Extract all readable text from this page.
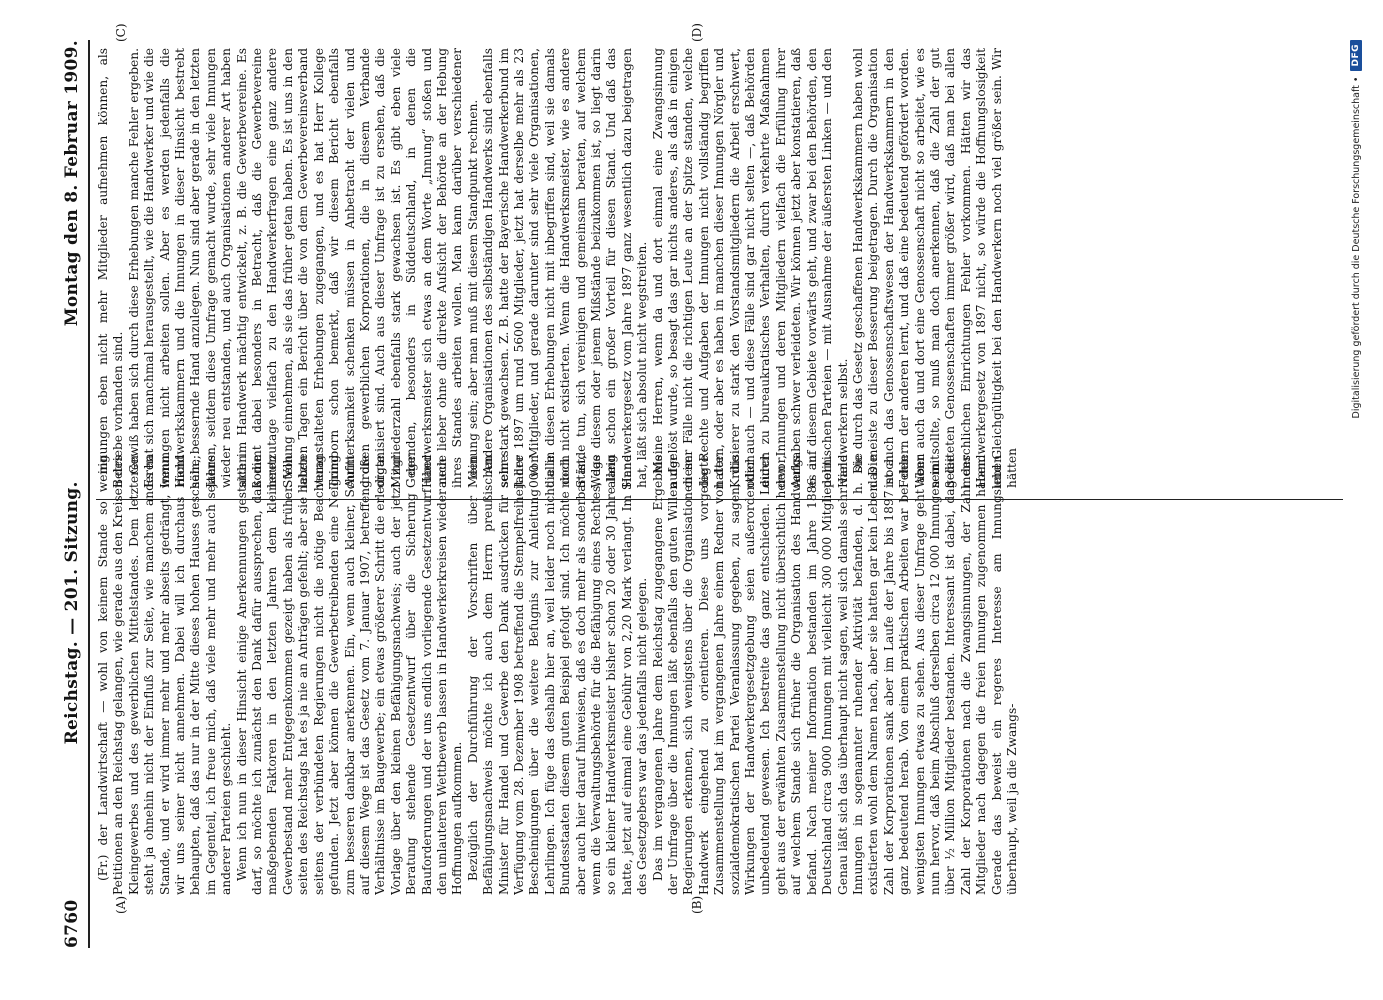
6760
Reichstag. — 201. Sitzung.
Montag den 8. Februar 1909.
(A)	(B)
(C)	(D)

(Fr.) der Landwirtschaft — wohl von keinem Stande so wenig Petitionen an den Reichstag gelangen, wie gerade aus den Kreisen des Kleingewerbes und des gewerblichen Mittelstandes. Dem letzteren steht ja ohnehin nicht der Einfluß zur Seite, wie manchem anderen Stande, und er wird immer mehr und mehr abseits gedrängt, wenn wir uns seiner nicht annehmen. Dabei will ich durchaus nicht behaupten, daß das nur in der Mitte dieses hohen Hauses geschähe; im Gegenteil, ich freue mich, daß viele mehr und mehr auch seitens anderer Parteien geschieht. Wenn ich nun in dieser Hinsicht einige Anerkennungen gestatten darf, so möchte ich zunächst den Dank dafür aussprechen, daß die maßgebenden Faktoren in den letzten Jahren dem kleineren Gewerbestand mehr Entgegenkommen gezeigt haben als früher. Von seiten des Reichstags hat es ja nie an Anträgen gefehlt; aber sie haben seitens der verbündeten Regierungen nicht die nötige Beachtung gefunden. Jetzt aber können die Gewerbetreibenden eine Neigung zum besseren dankbar anerkennen. Ein, wenn auch kleiner, Schritt auf diesem Wege ist das Gesetz vom 7. Januar 1907, betreffend die Verhältnisse im Baugewerbe; ein etwas größerer Schritt die erledigte Vorlage über den kleinen Befähigungsnachweis; auch der jetzt zur Beratung stehende Gesetzentwurf über die Sicherung der Bauforderungen und der uns endlich vorliegende Gesetzentwurf über den unlauteren Wettbewerb lassen in Handwerkerkreisen wieder neue Hoffnungen aufkommen. Bezüglich der Durchführung der Vorschriften über den Befähigungsnachweis möchte ich auch dem Herrn preußischen Minister für Handel und Gewerbe den Dank ausdrücken für seine Verfügung vom 28. Dezember 1908 betreffend die Stempelfreiheit der Bescheinigungen über die weitere Befugnis zur Anleitung von Lehrlingen. Ich füge das deshalb hier an, weil leider noch nicht alle Bundesstaaten diesem guten Beispiel gefolgt sind. Ich möchte doch aber auch hier darauf hinweisen, daß es doch mehr als sonderbar ist, wenn die Verwaltungsbehörde für die Befähigung eines Rechtes, das so ein kleiner Handwerksmeister bisher schon 20 oder 30 Jahre lang hatte, jetzt auf einmal eine Gebühr von 2,20 Mark verlangt. Im Sinne des Gesetzgebers war das jedenfalls nicht gelegen. Das im vergangenen Jahre dem Reichstag zugegangene Ergebnis der Umfrage über die Innungen läßt ebenfalls den guten Willen der Regierungen erkennen, sich wenigstens über die Organisationen im Handwerk eingehend zu orientieren. Diese uns vorgelegte Zusammenstellung hat im vergangenen Jahre einem Redner von der sozialdemokratischen Partei Veranlassung gegeben, zu sagen, die Wirkungen der Handwerkergesetzgebung seien außerordentlich unbedeutend gewesen. Ich bestreite das ganz entschieden. Leider geht aus der erwähnten Zusammenstellung nicht übersichtlich hervor, auf welchem Stande sich früher die Organisation des Handwerks befand. Nach meiner Information bestanden im Jahre 1886 in Deutschland circa 9000 Innungen mit vielleicht 300 000 Mitgliedern. Genau läßt sich das überhaupt nicht sagen, weil sich damals sehr viele Innungen in sogenannter ruhender Aktivität befanden, d. h. sie existierten wohl dem Namen nach, aber sie hatten gar kein Leben. Die Zahl der Korporationen sank aber im Laufe der Jahre bis 1897 noch ganz bedeutend herab. Von einem praktischen Arbeiten war bei den wenigsten Innungen etwas zu sehen. Aus dieser Umfrage geht aber nun hervor, daß beim Abschluß derselben circa 12 000 Innungen mit über ½ Million Mitglieder bestanden. Interessant ist dabei, daß die Zahl der Korporationen nach die Zwangsinnungen, der Zahl der Mitglieder nach dagegen die freien Innungen zugenommen haben. Gerade das beweist ein regeres Interesse am Innungsleben überhaupt, weil ja die Zwangs-

innungen eben nicht mehr Mitglieder aufnehmen können, als Betriebe vorhanden sind. Gewiß haben sich durch diese Erhebungen manche Fehler ergeben. Es hat sich manchmal herausgestellt, wie die Handwerker und wie die Innungen nicht arbeiten sollen. Aber es werden jedenfalls die Handwerkskammern und die Innungen in dieser Hinsicht bestrebt sein, bessernde Hand anzulegen. Nun sind aber gerade in den letzten Jahren, seitdem diese Umfrage gemacht wurde, sehr viele Innungen wieder neu entstanden, und auch Organisationen anderer Art haben sich im Handwerk mächtig entwickelt, z. B. die Gewerbevereine. Es kommt dabei besonders in Betracht, daß die Gewerbevereine heutzutage vielfach zu den Handwerkerfragen eine ganz andere Stellung einnehmen, als sie das früher getan haben. Es ist uns in den letzten Tagen ein Bericht über die von dem Gewerbevereinsverband veranstalteten Erhebungen zugegangen, und es hat Herr Kollege Trimborn schon bemerkt, daß wir diesem Bericht ebenfalls Aufmerksamkeit schenken müssen in Anbetracht der vielen und großen gewerblichen Korporationen, die in diesem Verbande organisiert sind. Auch aus dieser Umfrage ist zu ersehen, daß die Mitgliederzahl ebenfalls stark gewachsen ist. Es gibt eben viele Gegenden, besonders in Süddeutschland, in denen die Handwerksmeister sich etwas an dem Worte „Innung“ stoßen und auch lieber ohne die direkte Aufsicht der Behörde an der Hebung ihres Standes arbeiten wollen. Man kann darüber verschiedener Meinung sein; aber man muß mit diesem Standpunkt rechnen. Andere Organisationen des selbständigen Handwerks sind ebenfalls sehr stark gewachsen. Z. B. hatte der Bayerische Handwerkerbund im Jahre 1897 um rund 5600 Mitglieder, jetzt hat derselbe mehr als 23 000 Mitglieder, und gerade darunter sind sehr viele Organisationen, die in diesen Erhebungen nicht mit inbegriffen sind, weil sie damals noch nicht existierten. Wenn die Handwerksmeister, wie es andere Stände tun, sich vereinigen und gemeinsam beraten, auf welchem Wege diesem oder jenem Mißstände beizukommen ist, so liegt darin allein schon ein großer Vorteil für diesen Stand. Und daß das Handwerkergesetz vom Jahre 1897 ganz wesentlich dazu beigetragen hat, läßt sich absolut nicht wegstreiten. Meine Herren, wenn da und dort einmal eine Zwangsinnung aufgelöst wurde, so besagt das gar nichts anderes, als daß in einigen dieser Fälle nicht die richtigen Leute an der Spitze standen, welche die Rechte und Aufgaben der Innungen nicht vollständig begriffen hatten, oder aber es haben in manchen dieser Innungen Nörgler und Kritisierer zu stark den Vorstandsmitgliedern die Arbeit erschwert, oder auch — und diese Fälle sind gar nicht selten —, daß Behörden durch zu bureaukratisches Verhalten, durch verkehrte Maßnahmen den Innungen und deren Mitgliedern vielfach die Erfüllung ihrer Aufgaben schwer verleideten. Wir können jetzt aber konstatieren, daß es auf diesem Gebiete vorwärts geht, und zwar bei den Behörden, den politischen Parteien — mit Ausnahme der äußersten Linken — und den Handwerkern selbst. Die durch das Gesetz geschaffenen Handwerkskammern haben wohl das meiste zu dieser Besserung beigetragen. Durch die Organisation ist auch das Genossenschaftswesen der Handwerkskammern in den Fehlern der anderen lernt, und daß eine bedeutend gefördert worden. Wenn auch da und dort eine Genossenschaft nicht so arbeitet, wie es sein sollte, so muß man doch anerkennen, daß die Zahl der gut geleiteten Genossenschaften immer größer wird, daß man bei allen menschlichen Einrichtungen Fehler vorkommen. Hätten wir das Handwerkergesetz von 1897 nicht, so würde die Hoffnungslosigkeit und Gleichgültigkeit bei den Handwerkern noch viel größer sein. Wir hätten

Digitalisierung gefördert durch die Deutsche Forschungsgemeinschaft •
DFG
